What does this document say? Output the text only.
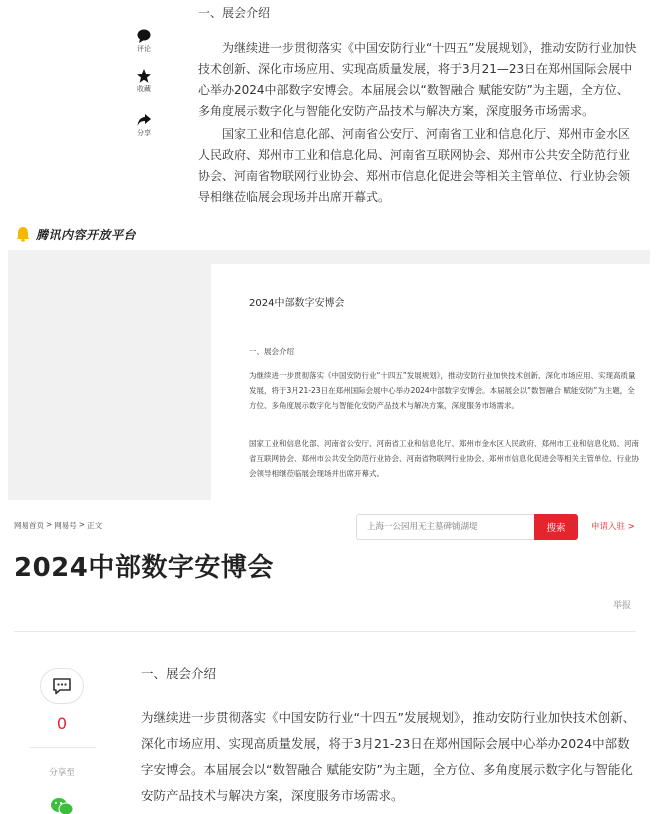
评论
收藏
分享
一、展会介绍

为继续进一步贯彻落实《中国安防行业“十四五”发展规划》，推动安防行业加快技术创新、深化市场应用、实现高质量发展，将于3月21—23日在郑州国际会展中心举办2024中部数字安博会。本届展会以“数智融合 赋能安防”为主题，全方位、多角度展示数字化与智能化安防产品技术与解决方案，深度服务市场需求。

国家工业和信息化部、河南省公安厅、河南省工业和信息化厅、郑州市金水区人民政府、郑州市工业和信息化局、河南省互联网协会、郑州市公共安全防范行业协会、河南省物联网行业协会、郑州市信息化促进会等相关主管单位、行业协会领导相继莅临展会现场并出席开幕式。

腾讯内容开放平台
2024中部数字安博会
一、展会介绍

为继续进一步贯彻落实《中国安防行业“十四五”发展规划》，推动安防行业加快技术创新、深化市场应用、实现高质量发展，将于3月21-23日在郑州国际会展中心举办2024中部数字安博会。本届展会以“数智融合 赋能安防”为主题，全方位、多角度展示数字化与智能化安防产品技术与解决方案，深度服务市场需求。

国家工业和信息化部、河南省公安厅、河南省工业和信息化厅、郑州市金水区人民政府、郑州市工业和信息化局、河南省互联网协会、郑州市公共安全防范行业协会、河南省物联网行业协会、郑州市信息化促进会等相关主管单位、行业协会领导相继莅临展会现场并出席开幕式。

网易首页 > 网易号 > 正文
上海一公园用无主墓碑铺湖堤	搜索	申请入驻 >
2024中部数字安博会
举报
0
分享至
一、展会介绍

为继续进一步贯彻落实《中国安防行业“十四五”发展规划》，推动安防行业加快技术创新、深化市场应用、实现高质量发展，将于3月21-23日在郑州国际会展中心举办2024中部数字安博会。本届展会以“数智融合 赋能安防”为主题，全方位、多角度展示数字化与智能化安防产品技术与解决方案，深度服务市场需求。
